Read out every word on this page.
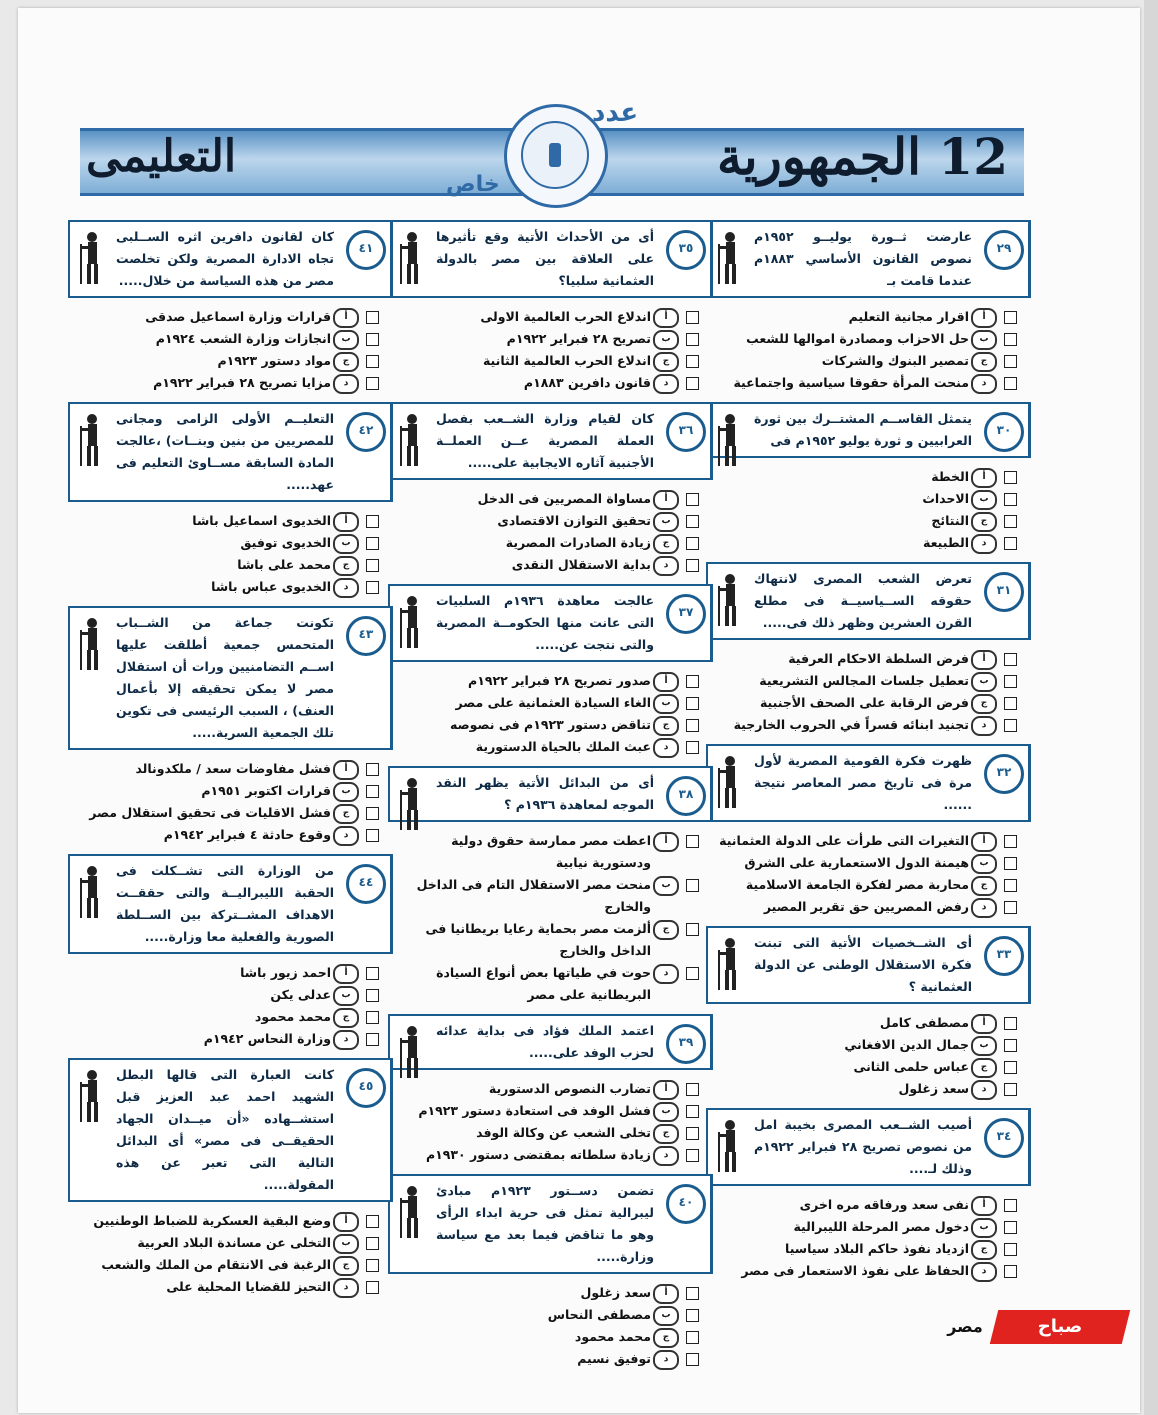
12 الجمهورية
التعليمى
عدد
خاص
٢٩
عارضت ثــورة يوليــو ١٩٥٢م نصوص القانون الأساسي ١٨٨٣م عندما قامت بـ
أ
اقرار مجانية التعليم
ب
حل الاحزاب ومصادرة اموالها للشعب
ج
تمصير البنوك والشركات
د
منحت المرأة حقوقا سياسية واجتماعية
٣٠
يتمثل القاســم المشتــرك بين ثورة العرابيين و ثورة يوليو ١٩٥٢م فى
أ
الخطة
ب
الاحداث
ج
النتائج
د
الطبيعة
٣١
تعرض الشعب المصرى لانتهاك حقوقه الســياسيــة فى مطلع القرن العشرين وظهر ذلك فى.....
أ
فرض السلطة الاحكام العرفية
ب
تعطيل جلسات المجالس التشريعية
ج
فرض الرقابة على الصحف الأجنبية
د
تجنيد ابنائه قسراً في الحروب الخارجية
٣٢
ظهرت فكرة القومية المصرية لأول مرة فى تاريخ مصر المعاصر نتيجة ......
أ
التغيرات التى طرأت على الدولة العثمانية
ب
هيمنة الدول الاستعمارية على الشرق
ج
محاربة مصر لفكرة الجامعة الاسلامية
د
رفض المصريين حق تقرير المصير
٣٣
أى الشــخصيات الأتية التى تبنت فكرة الاستقلال الوطنى عن الدولة العثمانية ؟
أ
مصطفى كامل
ب
جمال الدين الافغاني
ج
عباس حلمى الثانى
د
سعد زغلول
٣٤
أصيب الشــعب المصرى بخيبة امل من نصوص تصريح ٢٨ فبراير ١٩٢٢م وذلك لـ....
أ
نفى سعد ورفاقه مره اخرى
ب
دخول مصر المرحلة الليبرالية
ج
ازدياد نفوذ حاكم البلاد سياسيا
د
الحفاظ على نفوذ الاستعمار فى مصر
٣٥
أى من الأحداث الأتية وقع تأثيرها على العلاقة بين مصر بالدولة العثمانية سلبيا؟
أ
اندلاع الحرب العالمية الاولى
ب
تصريح ٢٨ فبراير ١٩٢٢م
ج
اندلاع الحرب العالمية الثانية
د
قانون دافرين ١٨٨٣م
٣٦
كان لقيام وزارة الشــعب بفصل العملة المصرية عــن العملــة الأجنبية آثاره الايجابية على.....
أ
مساواة المصريين فى الدخل
ب
تحقيق التوازن الاقتصادى
ج
زيادة الصادرات المصرية
د
بداية الاستقلال النقدى
٣٧
عالجت معاهدة ١٩٣٦م السلبيات التى عانت منها الحكومــة المصرية والتى نتجت عن.....
أ
صدور تصريح ٢٨ فبراير ١٩٢٢م
ب
الغاء السيادة العثمانية على مصر
ج
تناقض دستور ١٩٢٣م فى نصوصه
د
عبث الملك بالحياة الدستورية
٣٨
أى من البدائل الأتية يظهر النقد الموجه لمعاهدة ١٩٣٦م ؟
أ
اعطت مصر ممارسة حقوق دولية ودستورية نيابية
ب
منحت مصر الاستقلال التام فى الداخل والخارج
ج
ألزمت مصر بحماية رعايا بريطانيا فى الداخل والخارج
د
حوت في طياتها بعض أنواع السيادة البريطانية على مصر
٣٩
اعتمد الملك فؤاد فى بداية عدائه لحزب الوفد على.....
أ
تضارب النصوص الدستورية
ب
فشل الوفد فى استعادة دستور ١٩٢٣م
ج
تخلى الشعب عن وكالة الوفد
د
زيادة سلطاته بمقتضى دستور ١٩٣٠م
٤٠
تضمن دســتور ١٩٢٣م مبادئ ليبرالية تمثل فى حرية ابداء الرأى وهو ما تناقض فيما بعد مع سياسة وزارة.....
أ
سعد زغلول
ب
مصطفى النحاس
ج
محمد محمود
د
توفيق نسيم
٤١
كان لقانون دافرين اثره الســلبى تجاه الادارة المصرية ولكن تخلصت مصر من هذه السياسة من خلال.....
أ
قرارات وزارة اسماعيل صدقى
ب
انجازات وزارة الشعب ١٩٢٤م
ج
مواد دستور ١٩٢٣م
د
مزايا تصريح ٢٨ فبراير ١٩٢٢م
٤٢
التعليــم الأولى الزامى ومجانى للمصريين من بنين وبنــات) ،عالجت المادة السابقة مســاوئ التعليم فى عهد.....
أ
الخديوى اسماعيل باشا
ب
الخديوى توفيق
ج
محمد على باشا
د
الخديوى عباس باشا
٤٣
تكونت جماعة من الشــباب المتحمس جمعية أطلقت عليها اســم التضامنيين ورات أن استقلال مصر لا يمكن تحقيقه إلا بأعمال العنف) ، السبب الرئيسى فى تكوين تلك الجمعية السرية.....
أ
فشل مفاوضات سعد / ملكدونالد
ب
قرارات اكتوبر ١٩٥١م
ج
فشل الاقليات فى تحقيق استقلال مصر
د
وقوع حادثة ٤ فبراير ١٩٤٢م
٤٤
من الوزارة التى تشــكلت فى الحقبة الليبراليــة والتى حققــت الاهداف المشــتركة بين الســلطة الصورية والفعلية معا وزارة.....
أ
احمد زيور باشا
ب
عدلى يكن
ج
محمد محمود
د
وزارة النحاس ١٩٤٢م
٤٥
كانت العبارة التى قالها البطل الشهيد احمد عبد العزيز قبل استشــهاده «أن ميــدان الجهاد الحقيقــى فى مصر» أى البدائل التالية التى تعبر عن هذه المقولة.....
أ
وضع البقية العسكرية للضباط الوطنيين
ب
التخلى عن مساندة البلاد العربية
ج
الرغبة فى الانتقام من الملك والشعب
د
التحيز للقضايا المحلية على
مصر	صباح
